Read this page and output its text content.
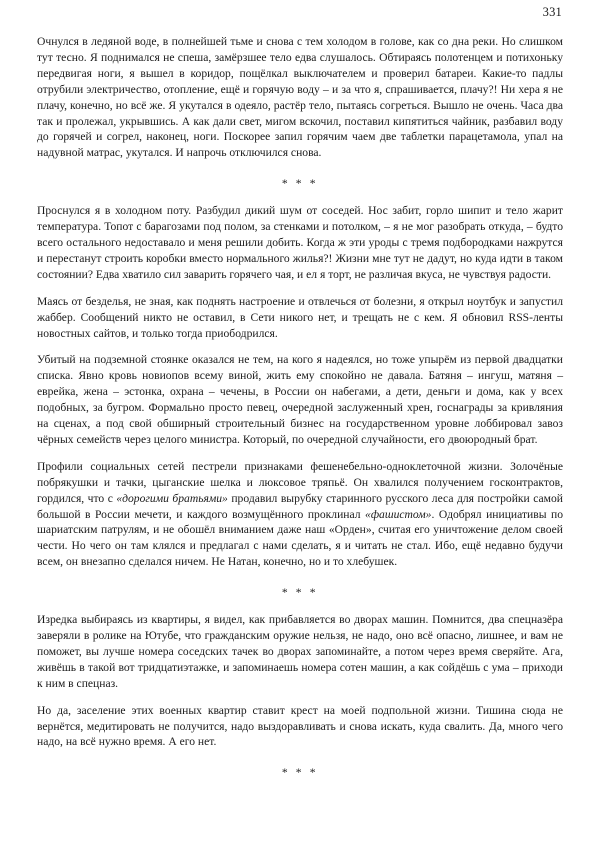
331

Очнулся в ледяной воде, в полнейшей тьме и снова с тем холодом в голове, как со дна реки. Но слишком тут тесно. Я поднимался не спеша, замёрзшее тело едва слушалось. Обтираясь полотенцем и потихоньку передвигая ноги, я вышел в коридор, пощёлкал выключателем и проверил батареи. Какие-то падлы отрубили электричество, отопление, ещё и горячую воду – и за что я, спрашивается, плачу?! Ни хера я не плачу, конечно, но всё же. Я укутался в одеяло, растёр тело, пытаясь согреться. Вышло не очень. Часа два так и пролежал, укрывшись. А как дали свет, мигом вскочил, поставил кипятиться чайник, разбавил воду до горячей и согрел, наконец, ноги. Поскорее запил горячим чаем две таблетки парацетамола, упал на надувной матрас, укутался. И напрочь отключился снова.

* * *

Проснулся я в холодном поту. Разбудил дикий шум от соседей. Нос забит, горло шипит и тело жарит температура. Топот с барагозами под полом, за стенками и потолком, – я не мог разобрать откуда, – будто всего остального недоставало и меня решили добить. Когда ж эти уроды с тремя подбородками нажрутся и перестанут строить коробки вместо нормального жилья?! Жизни мне тут не дадут, но куда идти в таком состоянии? Едва хватило сил заварить горячего чая, и ел я торт, не различая вкуса, не чувствуя радости.

Маясь от безделья, не зная, как поднять настроение и отвлечься от болезни, я открыл ноутбук и запустил жаббер. Сообщений никто не оставил, в Сети никого нет, и трещать не с кем. Я обновил RSS-ленты новостных сайтов, и только тогда приободрился.

Убитый на подземной стоянке оказался не тем, на кого я надеялся, но тоже упырём из первой двадцатки списка. Явно кровь новиопов всему виной, жить ему спокойно не давала. Батяня – ингуш, матяня – еврейка, жена – эстонка, охрана – чечены, в России он набегами, а дети, деньги и дома, как у всех подобных, за бугром. Формально просто певец, очередной заслуженный хрен, госнаграды за кривляния на сценах, а под свой обширный строительный бизнес на государственном уровне лоббировал завоз чёрных семейств через целого министра. Который, по очередной случайности, его двоюродный брат.

Профили социальных сетей пестрели признаками фешенебельно-одноклеточной жизни. Золочёные побрякушки и тачки, цыганские шелка и люксовое тряпьё. Он хвалился получением госконтрактов, гордился, что с «дорогими братьями» продавил вырубку старинного русского леса для постройки самой большой в России мечети, и каждого возмущённого проклинал «фашистом». Одобрял инициативы по шариатским патрулям, и не обошёл вниманием даже наш «Орден», считая его уничтожение делом своей чести. Но чего он там клялся и предлагал с нами сделать, я и читать не стал. Ибо, ещё недавно будучи всем, он внезапно сделался ничем. Не Натан, конечно, но и то хлебушек.

* * *

Изредка выбираясь из квартиры, я видел, как прибавляется во дворах машин. Помнится, два спецназёра заверяли в ролике на Ютубе, что гражданским оружие нельзя, не надо, оно всё опасно, лишнее, и вам не поможет, вы лучше номера соседских тачек во дворах запоминайте, а потом через время сверяйте. Ага, живёшь в такой вот тридцатиэтажке, и запоминаешь номера сотен машин, а как сойдёшь с ума – приходи к ним в спецназ.

Но да, заселение этих военных квартир ставит крест на моей подпольной жизни. Тишина сюда не вернётся, медитировать не получится, надо выздоравливать и снова искать, куда свалить. Да, много чего надо, на всё нужно время. А его нет.

* * *
